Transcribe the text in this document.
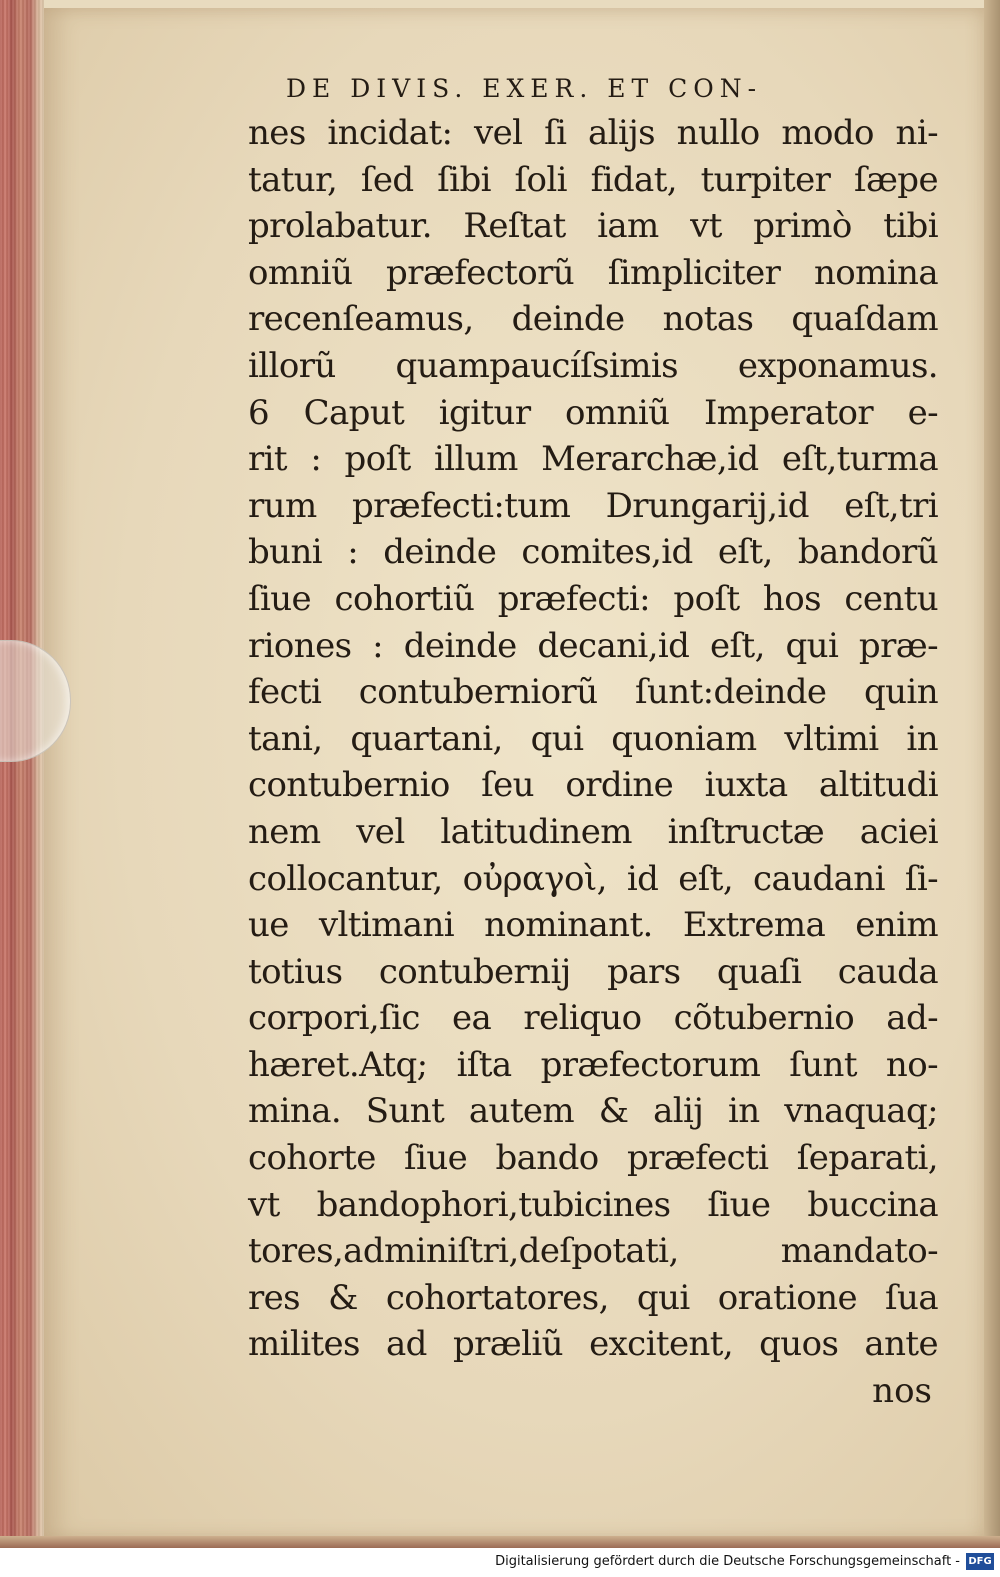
DE DIVIS. EXER. ET CON-
nes incidat: vel ſi alijs nullo modo ni-
tatur, ſed ſibi ſoli fidat, turpiter ſæpe
prolabatur. Reſtat iam vt primò tibi
omniũ præfectorũ ſimpliciter nomina
recenſeamus, deinde notas quaſdam
illorũ quampaucíſsimis exponamus.
6 Caput igitur omniũ Imperator e-
rit : poſt illum Merarchæ,id eſt,turma
rum præfecti:tum Drungarij,id eſt,tri
buni : deinde comites,id eſt, bandorũ
ſiue cohortiũ præfecti: poſt hos centu
riones : deinde decani,id eſt, qui præ-
fecti contuberniorũ ſunt:deinde quin
tani, quartani, qui quoniam vltimi in
contubernio ſeu ordine iuxta altitudi
nem vel latitudinem inſtructæ aciei
collocantur, οὐραγοὶ, id eſt, caudani ſi-
ue vltimani nominant. Extrema enim
totius contubernij pars quaſi cauda
corpori,ſic ea reliquo cõtubernio ad-
hæret.Atq; iſta præfectorum ſunt no-
mina. Sunt autem & alij in vnaquaq;
cohorte ſiue bando præfecti ſeparati,
vt bandophori,tubicines ſiue buccina
tores,adminiſtri,deſpotati, mandato-
res & cohortatores, qui oratione ſua
milites ad præliũ excitent, quos ante
nos
Digitalisierung gefördert durch die Deutsche Forschungsgemeinschaft - DFG
